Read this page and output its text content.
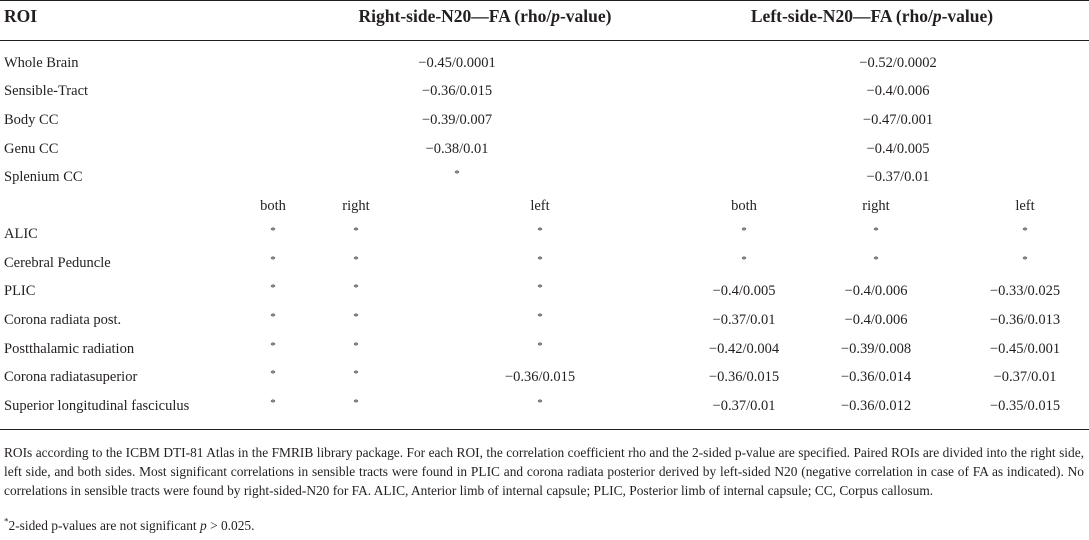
ROI	Right-side-N20—FA (rho/p-value)	Left-side-N20—FA (rho/p-value)
Whole Brain	−0.45/0.0001	−0.52/0.0002
Sensible-Tract	−0.36/0.015	−0.4/0.006
Body CC	−0.39/0.007	−0.47/0.001
Genu CC	−0.38/0.01	−0.4/0.005
Splenium CC	*	−0.37/0.01
both	right	left	both	right	left
ALIC	*	*	*	*	*	*
Cerebral Peduncle	*	*	*	*	*	*
PLIC	*	*	*	−0.4/0.005	−0.4/0.006	−0.33/0.025
Corona radiata post.	*	*	*	−0.37/0.01	−0.4/0.006	−0.36/0.013
Postthalamic radiation	*	*	*	−0.42/0.004	−0.39/0.008	−0.45/0.001
Corona radiatasuperior	*	*	−0.36/0.015	−0.36/0.015	−0.36/0.014	−0.37/0.01
Superior longitudinal fasciculus	*	*	*	−0.37/0.01	−0.36/0.012	−0.35/0.015
ROIs according to the ICBM DTI-81 Atlas in the FMRIB library package. For each ROI, the correlation coefficient rho and the 2-sided p-value are specified. Paired ROIs are divided into the right side, left side, and both sides. Most significant correlations in sensible tracts were found in PLIC and corona radiata posterior derived by left-sided N20 (negative correlation in case of FA as indicated). No correlations in sensible tracts were found by right-sided-N20 for FA. ALIC, Anterior limb of internal capsule; PLIC, Posterior limb of internal capsule; CC, Corpus callosum.
*2-sided p-values are not significant p > 0.025.
